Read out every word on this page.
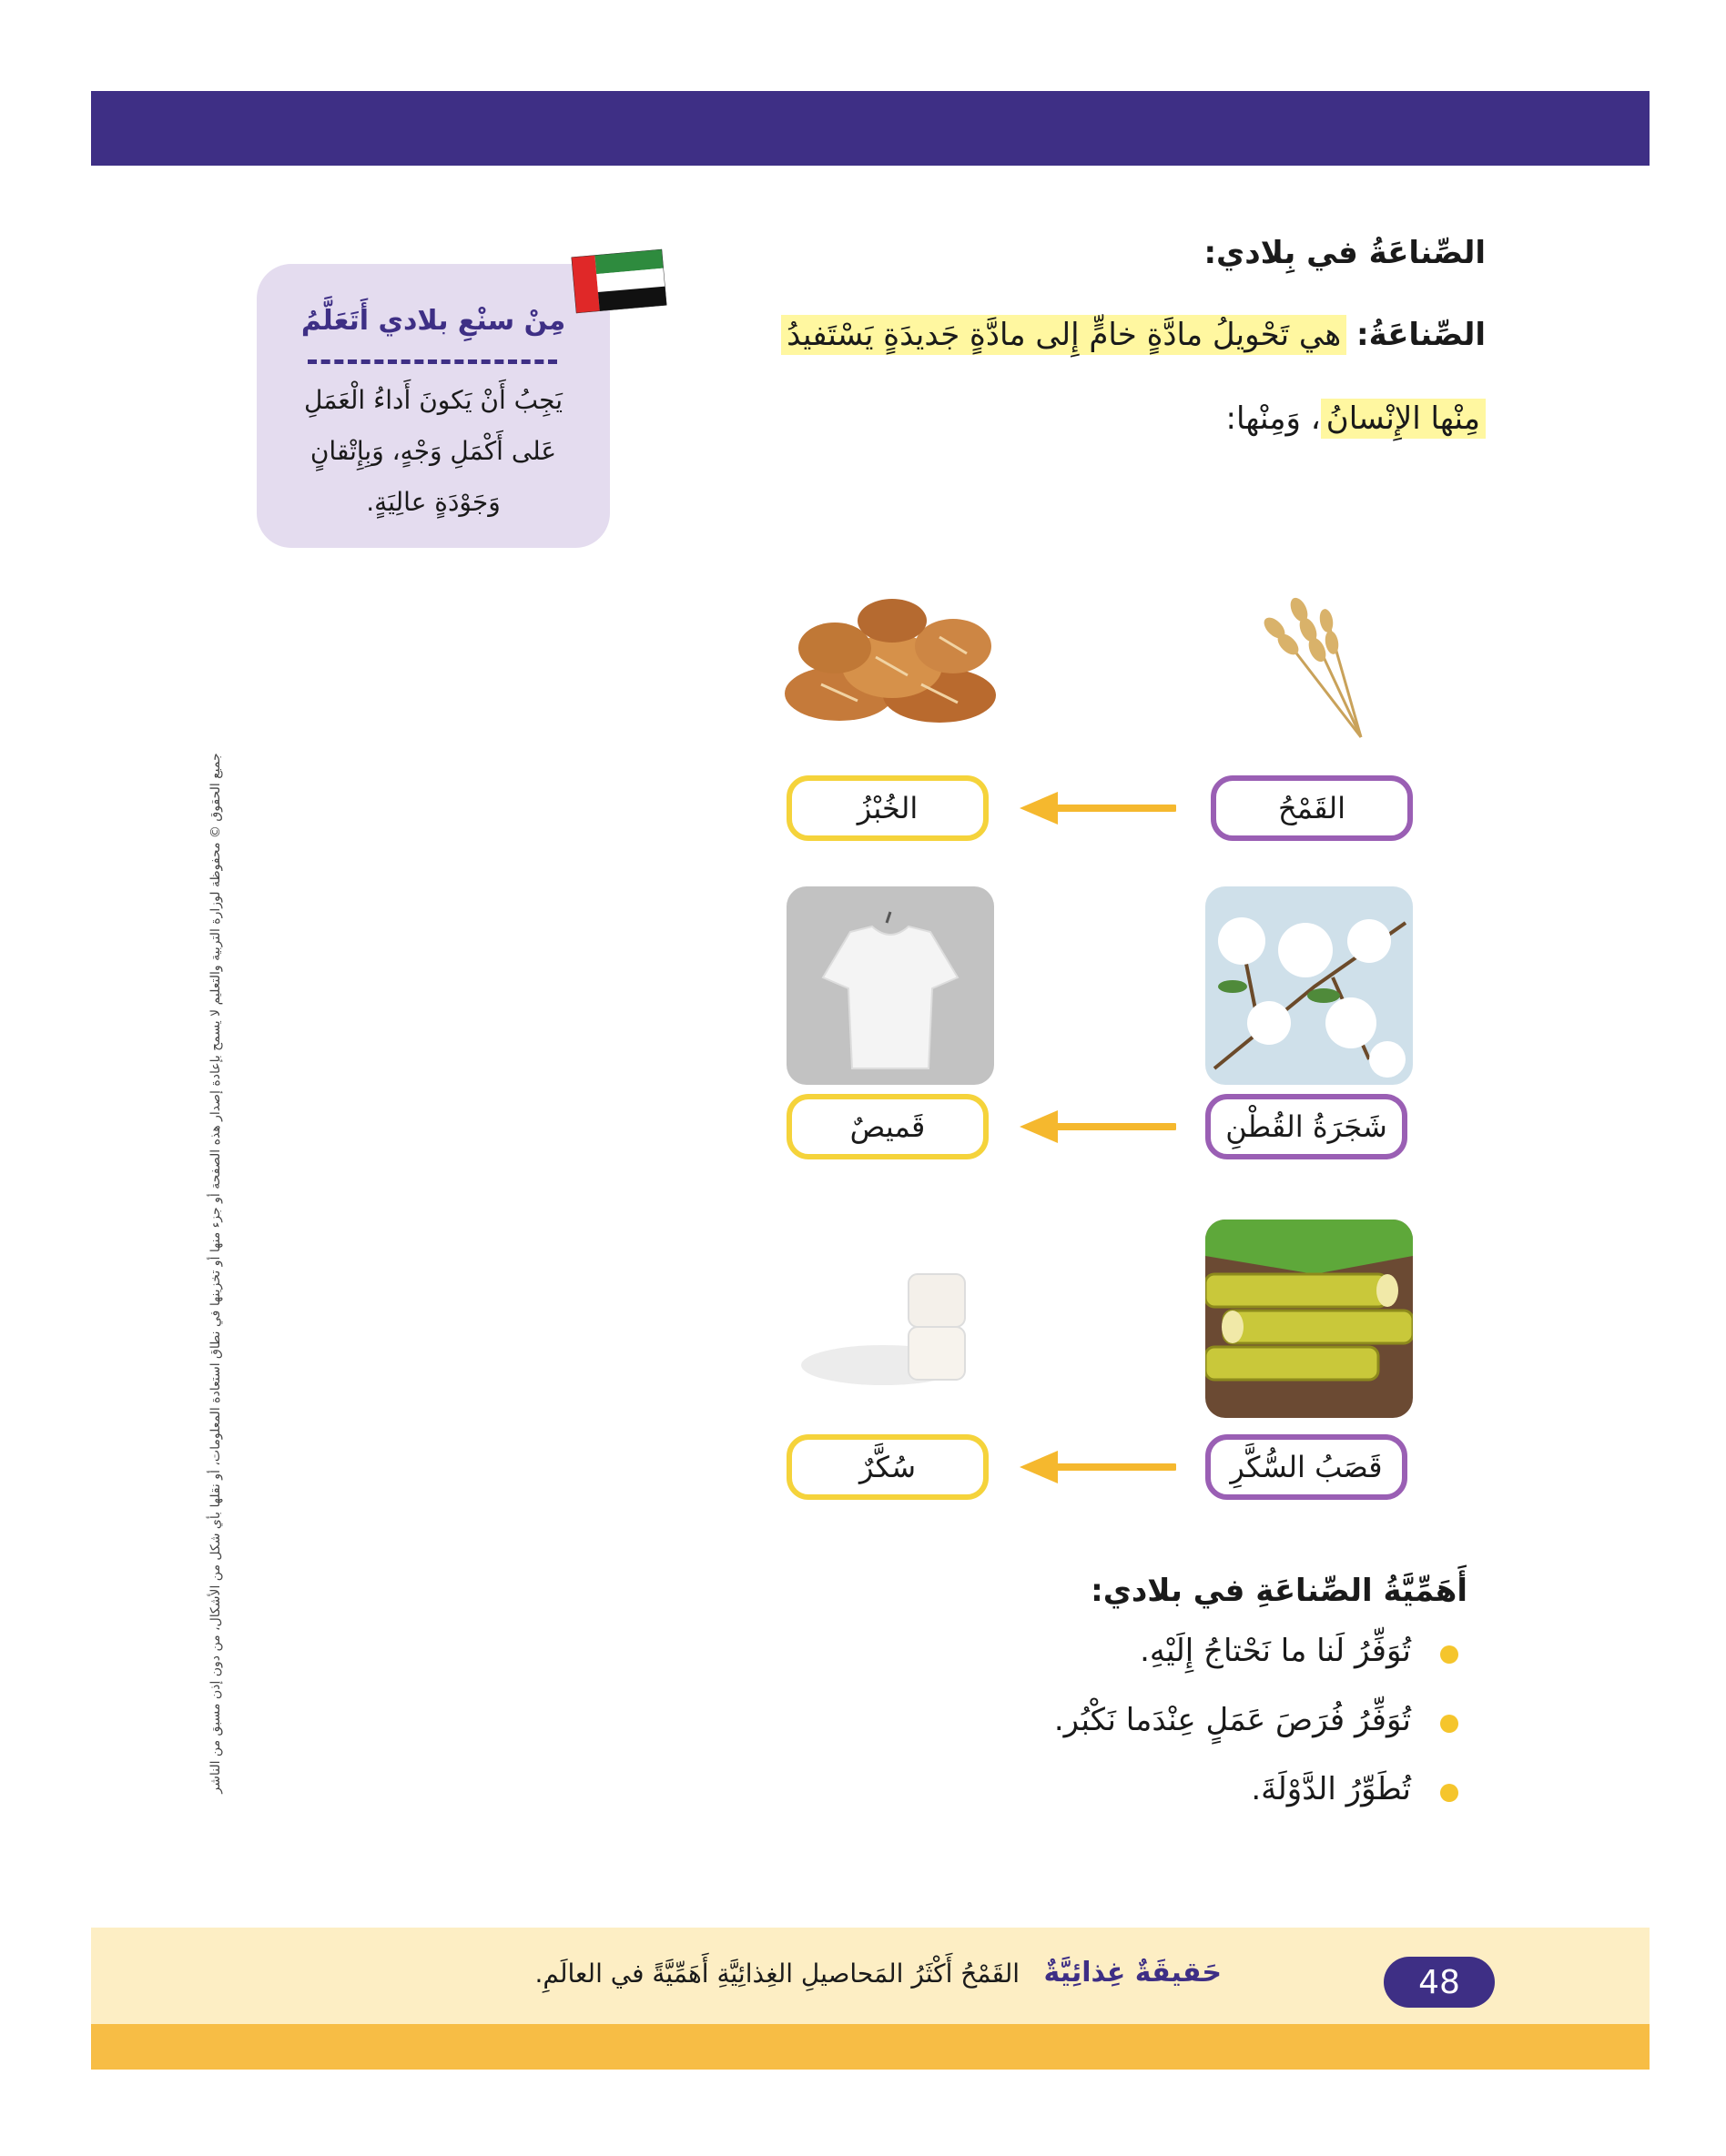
الصِّناعَةُ في بِلادي:
الصِّناعَةُ: هي تَحْويلُ مادَّةٍ خامٍّ إِلى مادَّةٍ جَديدَةٍ يَسْتَفيدُ
مِنْها الإِنْسانُ، وَمِنْها:
مِنْ سنْعِ بلادي أَتَعَلَّمُ
يَجِبُ أَنْ يَكونَ أَداءُ الْعَمَلِ
عَلى أَكْمَلِ وَجْهٍ، وَبِإِتْقانٍ
وَجَوْدَةٍ عالِيَةٍ.
القَمْحُ
الخُبْزُ
شَجَرَةُ القُطْنِ
قَميصٌ
قَصَبُ السُّكَّرِ
سُكَّرٌ
أَهَمِّيَّةُ الصِّناعَةِ في بلادي:
تُوَفِّرُ لَنا ما نَحْتاجُ إِلَيْهِ.
تُوَفِّرُ فُرَصَ عَمَلٍ عِنْدَما نَكْبُر.
تُطَوِّرُ الدَّوْلَةَ.
48
حَقيقَةٌ غِذائِيَّةٌ
القَمْحُ أَكْثَرُ المَحاصيلِ الغِذائِيَّةِ أَهَمِّيَّةً في العالَمِ.
جميع الحقوق © محفوظة لوزارة التربية والتعليم لا يسمح بإعادة إصدار هذه الصفحة أو جزء منها أو تخزينها في نطاق استعادة المعلومات، أو نقلها بأي شكل من الأشكال، من دون إذن مسبق من الناشر
